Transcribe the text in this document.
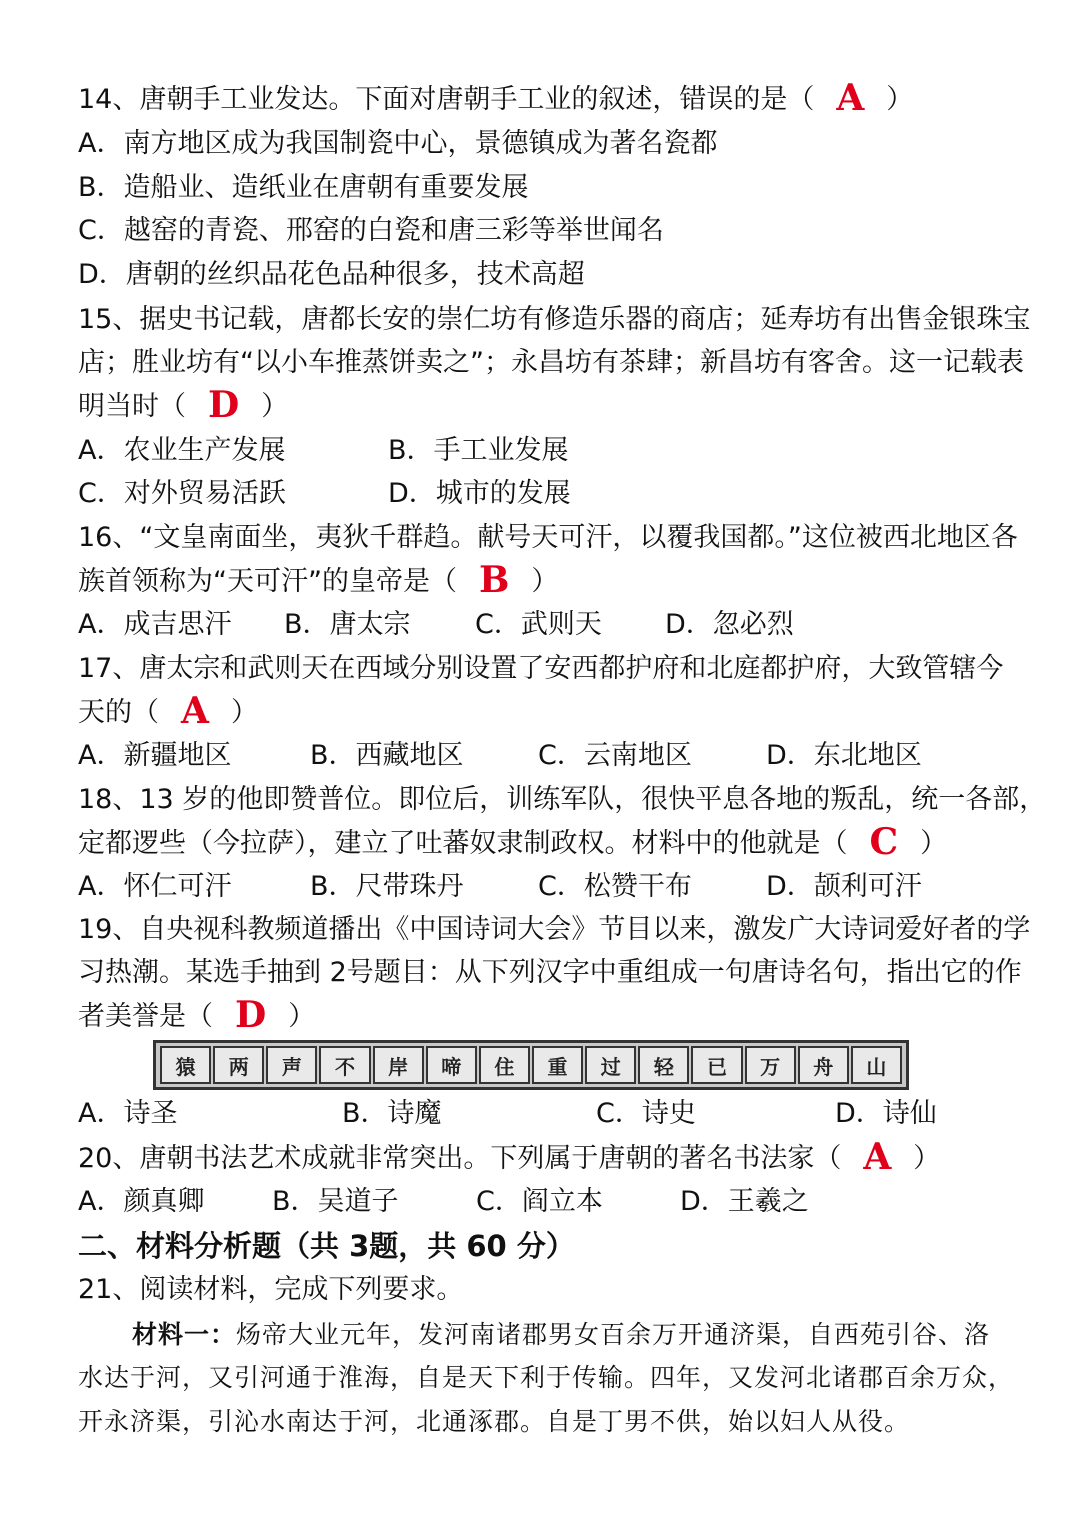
14、唐朝手工业发达。下面对唐朝手工业的叙述，错误的是（ A ）
A．南方地区成为我国制瓷中心，景德镇成为著名瓷都
B．造船业、造纸业在唐朝有重要发展
C．越窑的青瓷、邢窑的白瓷和唐三彩等举世闻名
D．唐朝的丝织品花色品种很多，技术高超
15、据史书记载，唐都长安的崇仁坊有修造乐器的商店；延寿坊有出售金银珠宝
店；胜业坊有“以小车推蒸饼卖之”；永昌坊有茶肆；新昌坊有客舍。这一记载表
明当时（ D ）
A．农业生产发展	B．手工业发展
C．对外贸易活跃	D．城市的发展
16、“文皇南面坐，夷狄千群趋。献号天可汗，以覆我国都。”这位被西北地区各
族首领称为“天可汗”的皇帝是（ B ）
A．成吉思汗 B．唐太宗 C．武则天 D．忽必烈
17、唐太宗和武则天在西域分别设置了安西都护府和北庭都护府，大致管辖今
天的（ A ）
A．新疆地区	B．西藏地区	C．云南地区	D．东北地区
18、13 岁的他即赞普位。即位后，训练军队，很快平息各地的叛乱，统一各部，
定都逻些（今拉萨），建立了吐蕃奴隶制政权。材料中的他就是（ C ）
A．怀仁可汗	B．尺带珠丹	C．松赞干布	D．颉利可汗
19、自央视科教频道播出《中国诗词大会》节目以来，激发广大诗词爱好者的学
习热潮。某选手抽到 2号题目：从下列汉字中重组成一句唐诗名句，指出它的作
者美誉是（ D ）
猿	两	声	不	岸	啼	住	重	过	轻	已	万	舟	山
A．诗圣	B．诗魔	C．诗史	D．诗仙
20、唐朝书法艺术成就非常突出。下列属于唐朝的著名书法家（ A ）
A．颜真卿	B．吴道子	C．阎立本	D．王羲之
二、材料分析题（共 3题，共 60 分）
21、阅读材料，完成下列要求。
材料一：炀帝大业元年，发河南诸郡男女百余万开通济渠，自西苑引谷、洛
水达于河，又引河通于淮海，自是天下利于传输。四年，又发河北诸郡百余万众，
开永济渠，引沁水南达于河，北通涿郡。自是丁男不供，始以妇人从役。
